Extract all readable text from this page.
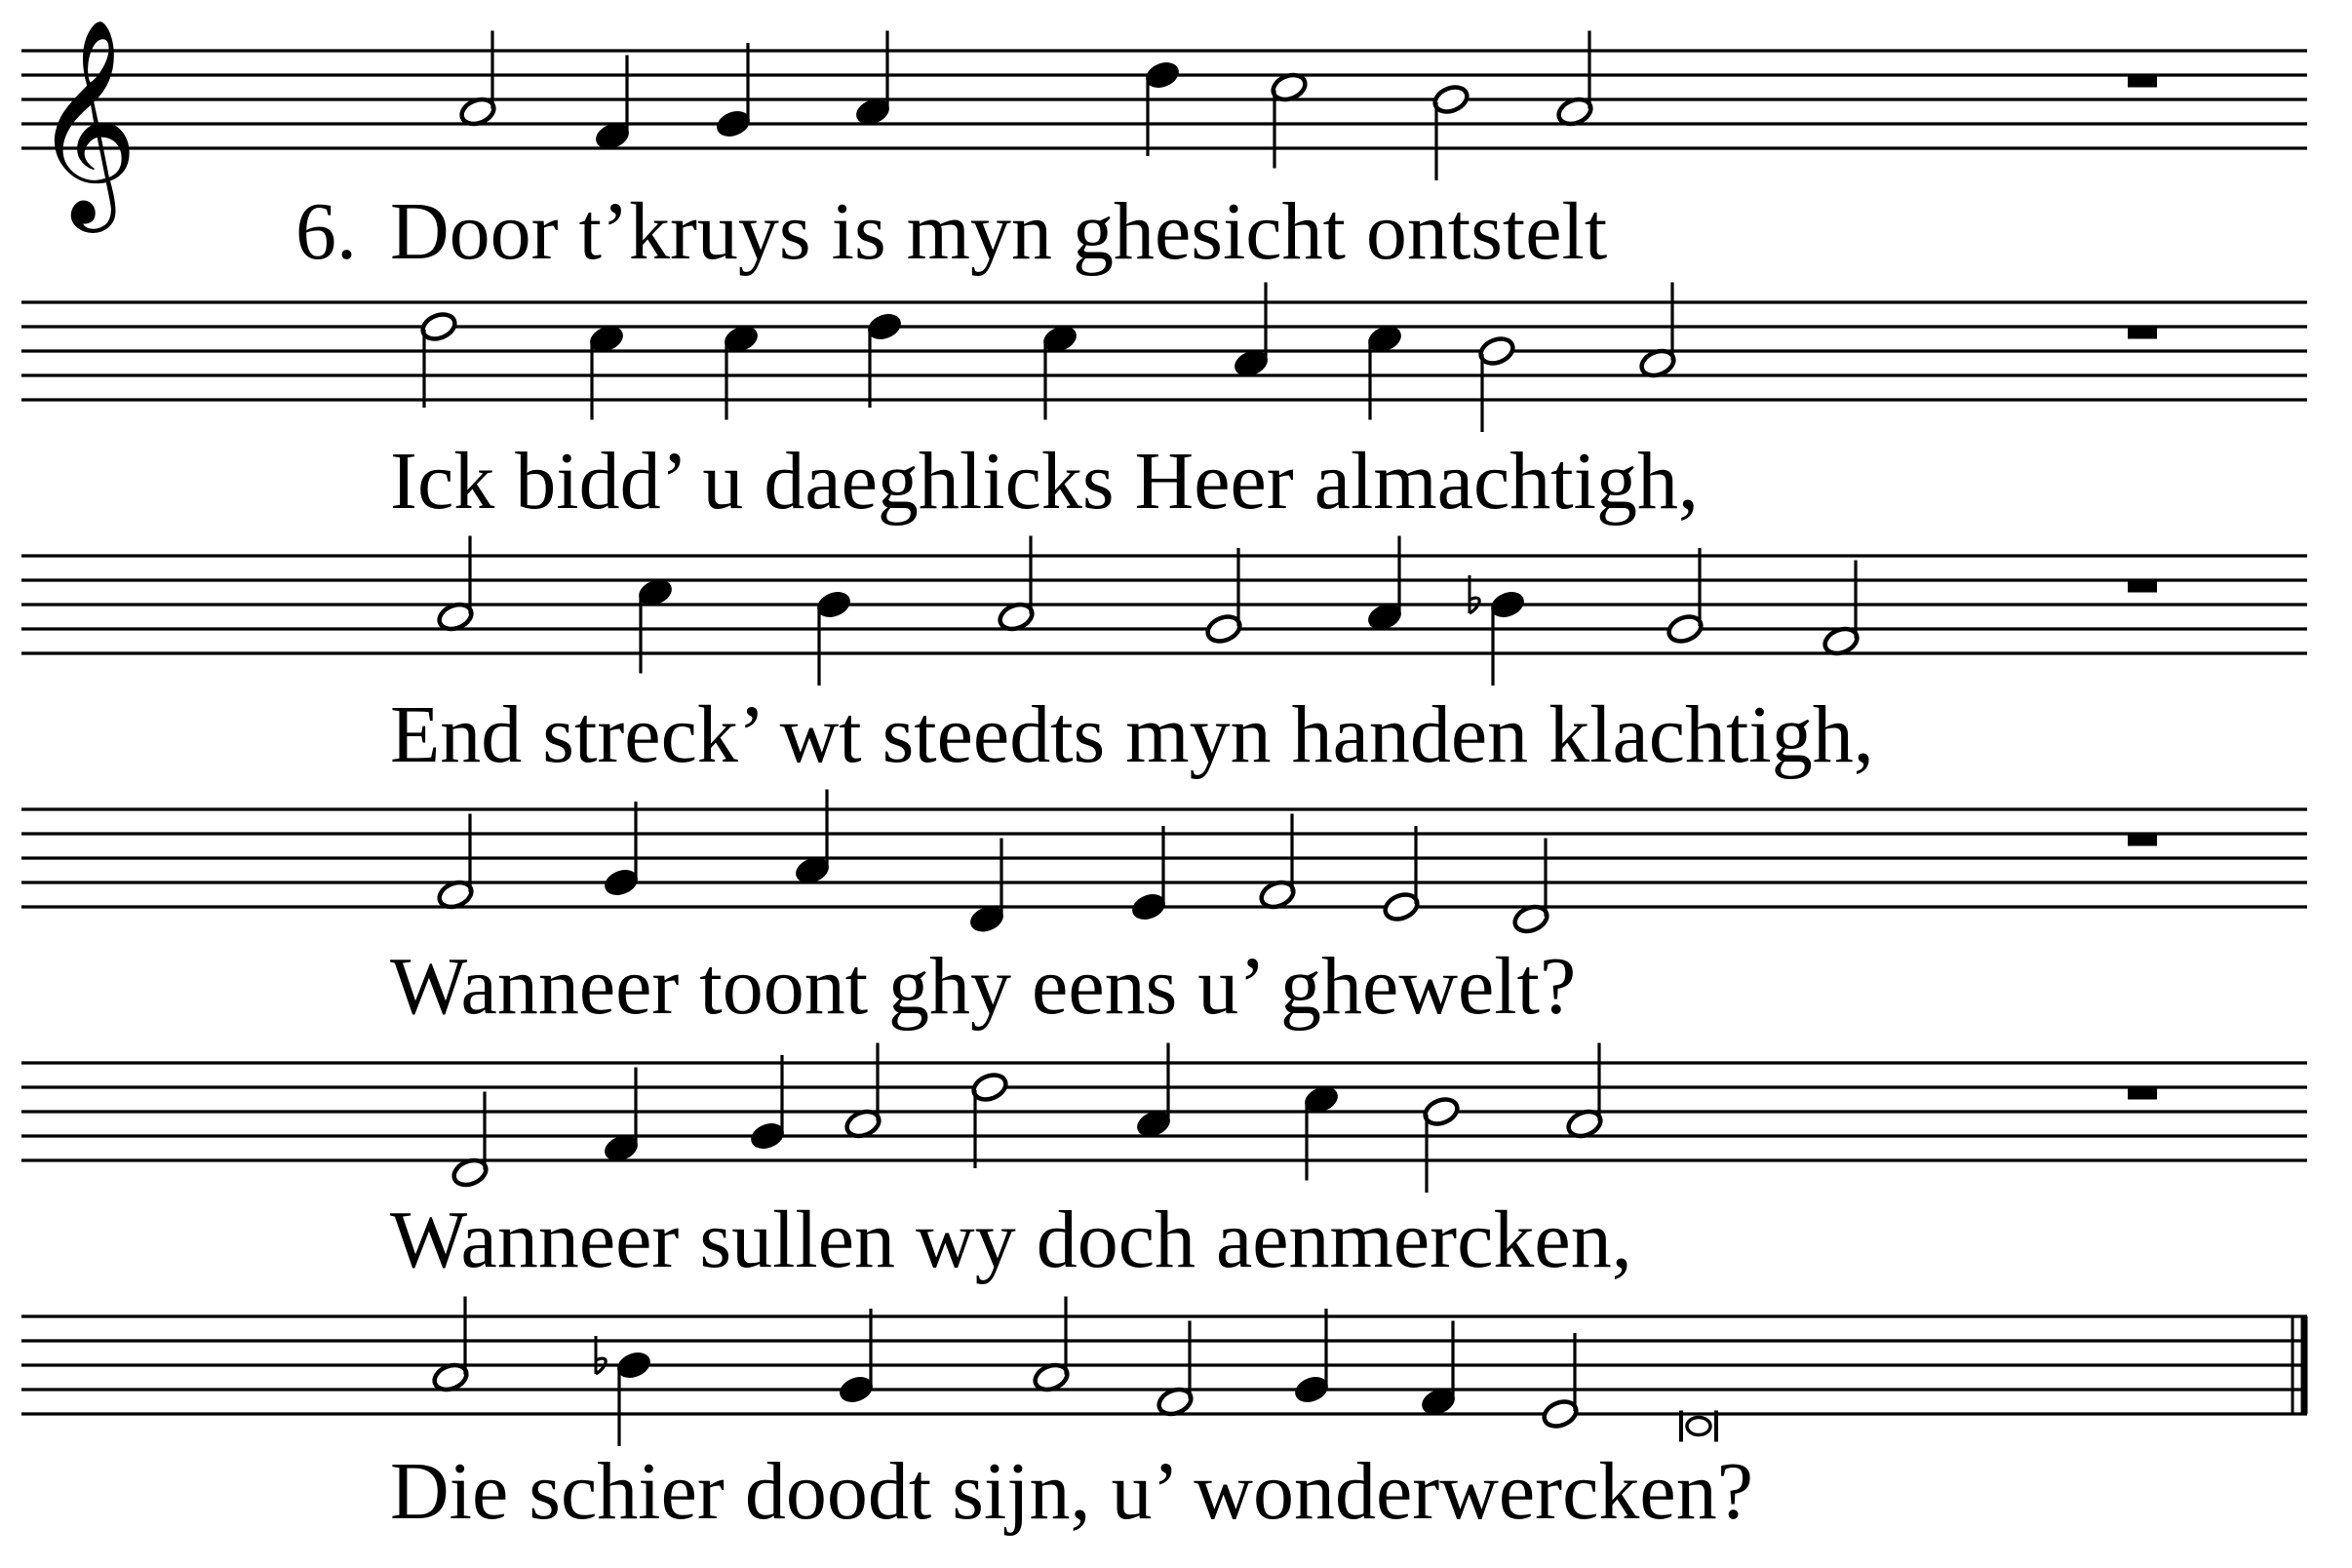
𝄞
6. Door t’kruys is myn ghesicht ontstelt
Ick bidd’ u daeghlicks Heer almachtigh,
End streck’ wt steedts myn handen klachtigh,
Wanneer toont ghy eens u’ ghewelt?
Wanneer sullen wy doch aenmercken,
Die schier doodt sijn, u’ wonderwercken?
